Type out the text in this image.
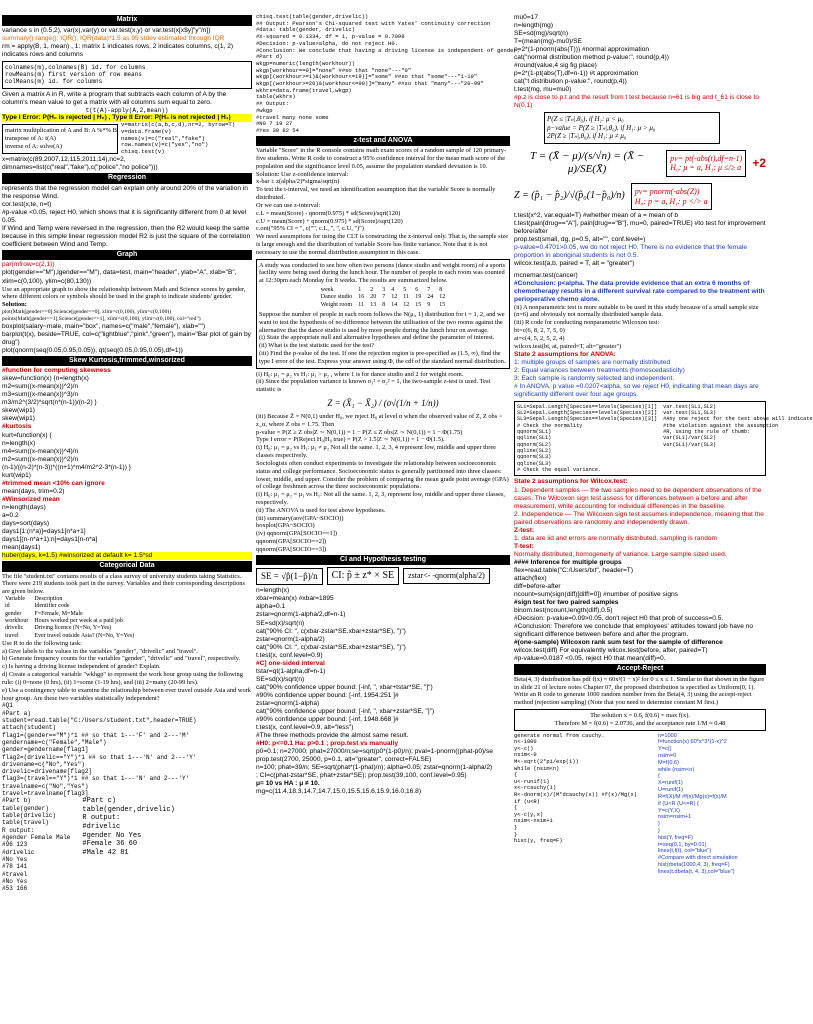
Matrix
variance s in (0.5,2), var(x),var(y) or var.test(x,y) or var.test(x[x$y]"y"/n])
summary() range(); IQR(); IQR(data)*1.5 as 95 stdev estimated through IQR
rm = apply(B, 1, mean) , 1: matrix 1 indicates rows, 2 indicates columns, c(1, 2) indicates rows and columns
colnames(m),colnames(B) id. for columns
rowMeans(m) first version of row means
colMeans(m) id. for columns
Given a matrix A in R, write a program that subtracts each column of A by the column's mean value to get a matrix with all columns sum equal to zero.
t(t(A)-apply(A,2,mean))
Type I Error: P(H₀ is rejected | H₀) , Type II Error: P(H₀ is not rejected | H₁)
matrix multiplication of A and B: A %*% B
transpose of A: t(A)
inverse of A: solve(A)
v=matrix(c(a,b,c,d),nr=2, byrow=T)
v=data.frame(v)
names(v)=c("real","fake")
row.names(v)=c("yes","no")
chisq.test(v)
x=matrix(c(89,2007,12,115,2011,14),nc=2,
dimnames=list(c("real","fake"),c("police","no police")))
Regression
represents that the regression model can explain only around 20% of the variation in the response Wind.
cor.test(x,te, n=t)
#p-value <0.05, reject H0, which shows that it is significantly different from 0 at level 0.05.
If Wind and Temp were reversed in the regression, then the R2 would keep the same because in this simple linear regression model R2 is just the square of the correlation coefficient between Wind and Temp.
Graph
par(mfrow=c(2,1))
plot(gender=="M"),lgender=="M"), data=test, main="header", ylab="A", xlab="B", xlim=c(0,100), ylim=c(80,130))
Use an appropriate graph to show the relationship between Math and Science scores by gender, where different colors or symbols should be used in the graph to indicate students' gender.
Solution:
plot(Math[gender==0],Science[gender==0], xlim=c(0,100), ylim=c(0,100))
points(Math[gender==1],Science[gender==1], xlim=c(0,100), ylim=c(0,100), col="red")
boxplot(salary~male, main="box", names=c("male","female"), xlab="")
barplot(t(x), beside=TRUE, col=c("lightblue","pink","green"), main="Bar plot of gain by drug")
plot(qnorm(seq(0.05,0.95,0.05)), qt(seq(0.05,0.95,0.05),df=1))
Skew Kurtosis,trimmed,winsorized
#function for computing skewness
skew=function(x) {n=length(x)
m2=sum((x-mean(x))^2)/n
m3=sum((x-mean(x))^3)/n
m3/m2^(3/2)*sqrt(n*(n-1))/(n-2) }
skew(wip1)
skew(wip1)
#kurtosis
kurt=function(x) {
n=length(x)
m4=sum((x-mean(x))^4)/n
m2=sum((x-mean(x))^2)/n
(n-1)/((n-2)*(n-3))*((n+1)*m4/m2^2-3*(n-1)) }
kurt(wip1)
#trimmed mean <10% can ignore
mean(days, trim=0.2)
#Winsorized mean
n=length(days)
a=0.2
days=sort(days)
days1[1:(n*a)]=days1[n*a+1]
days1[(n-n*a+1):n]=days1[n-n*a]
mean(days1)
huber(days, k=1.5) #winsorized at default k= 1.5*sd
Categorical Data
The file "student.txt" contains results of a class survey of university students taking Statistics. There were 219 students took part in the survey. Variables and their corresponding descriptions are given below.
Variable	Description
id	Identifier code
gender	F=Female, M=Male
workhour	Hours worked per week at a paid job
drivelic	Driving licence (N=No, Y=Yes)
travel	Ever travel outside Asia? (N=No, Y=Yes)
Use R to do the following task:
a) Give labels to the values in the variables "gender", "drivelic" and "travel".
b) Generate frequency counts for the variables "gender", "drivelic" and "travel", respectively.
c) Is having a driving license independent of gender? Explain.
d) Create a categorical variable "wkhgp" to represent the work hour group using the following rule: (i) 0=none (0 hrs), (ii) 1=some (1-19 hrs), and (iii) 2=many (20-99 hrs).
e) Use a contingency table to examine the relationship between ever travel outside Asia and work hour group. Are these two variables statistically independent?
#Q1
#Part a)
student=read.table("C:/Users/student.txt",header=TRUE)
attach(student)
flag1=(gender=="M")*1 ## so that 1---'F' and 2---'M'
gendername=c("Female","Male")
gender=gendername[flag1]
flag2=(drivelic=="Y")*1 ## so that 1---'N' and 2---'Y'
drivename=c("No","Yes")
drivelic=drivename[flag2]
flag3=(travel=="Y")*1 ## so that 1---'N' and 2---'Y'
travelname=c("No","Yes")
travel=travelname[flag3]
#Part b)
table(gender)
table(drivelic)
table(travel)
R output:
#gender Female Male
#96 123
#drivelic
#No Yes
#78 141
#travel
#No Yes
#53 166
#Part c)
table(gender,drivelic)
R output:
#drivelic
#gender No Yes
#Female 36 60
#Male 42 81
chisq.test(table(gender,drivelic))
## Output: Pearson's Chi-squared test with Yates' continuity correction
#data: table(gender, drivelic)
#X-squared = 0.1334, df = 1, p-value = 0.7099
#Decision: p-value>alpha, do not reject H0.
#Conclusion: We conclude that having a driving license is independent of gender.
#Part d)
wkgp=numeric(length(workhour))
wkgp[workhour==0]="none" ##so that "none"---"0"
wkgp[(workhour>=1)&(workhour<=19)]="some" ##so that "some"---"1-19"
wkgp[(workhour>=20)&(workhour<=99)]="many" ##so that "many"---"20-99"
wkhrs=data.frame(travel,wkgp)
table(wkhrs)
## Output:
#wkgp
#travel many none some
#N0 7 19 27
#Yes 30 82 54
z-test and ANOVA
Variable "Score" in the R console contains math exam scores of a random sample of 120 primary-five students. Write R code to construct a 95% confidence interval for the mean math score of the population and the significance level 0.05, assume the population standard deviation is 10.
Solution: Use z-confidence interval:
x-bar ± z(alpha/2)*sigma/sqrt(n)
To test the t-interval, we need an identification assumption that the variable Score is normally distributed.
Or we can use z-interval:
c.L = mean(Score) - qnorm(0.975) * sd(Score)/sqrt(120)
c.U = mean(Score) + qnorm(0.975) * sd(Score)/sqrt(120)
c.ont("95% CI = ", c("", c.L, ", ", c.U, ")")
We need assumptions for using the CLT is constructing the z-interval only. That is, the sample size is large enough and the distribution of variable Score has finite variance. Note that it is not necessary to use the normal distribution assumption in this case.
A study was conducted to see how often two persons (dance studio and weight room) of a sports facility were being used during the lunch hour. The number of people in each room was counted at 12:30pm each Monday for 8 weeks. The results are summarized below.
week	1	2	3	4	5	6	7	8
Dance studio	16	20	7	12	11	19	24	12
Weight room	11	13	8	14	12	15	9	15
Suppose the number of people in each room follows the N(μᵢ, 1) distribution for i = 1, 2, and we want to test the hypothesis of no difference between the utilisation of the two rooms against the alternative that the dance studio is used by more people during the lunch hour on average.
(i) State the appropriate null and alternative hypotheses and define the parameter of interest.
(ii) What is the test statistic used for the test?
(iii) Find the p-value of the test. If one the rejection region is pre-specified as (1.5, ∞), find the type I error of the test. Express your answer using Φ, the cdf of the standard normal distribution.
(i) H₀: μ₁ = μ₂ vs H₁: μ₁ > μ₂ , where 1 is for dance studio and 2 for weight room.
(ii) Since the population variance is known σ₁² = σ₂² = 1, the two-sample z-test is used. Test statistic is
Z = (X̄₁ − X̄₂) / (σ√(1/n + 1/n))
(iii) Because Z̄ = N(0,1) under H₀, we reject H₀ at level α when the observed value of Z, Z obs > z_α, where Z obs = 1.75. Then
p-value = P(Z ≥ Z obs|Z ∼ N(0,1)) = 1 − P(Z ≤ Z obs|Z ∼ N(0,1)) = 1 − Φ(1.75)
Type I error = P(Reject H₀|H₀ true) = P(Z > 1.5|Z ∼ N(0,1)) = 1 − Φ(1.5).
(i) H₀: μ₁ = μ₂ vs H₁: μ₁ ≠ μ₂ Not all the same. 1, 2, 3, 4 represent low, middle and upper three classes respectively.
Sociologists often conduct experiments to investigate the relationship between socioeconomic status and college performance. Socioeconomic status is generally partitioned into three classes: lower, middle, and upper. Consider the problem of comparing the mean grade point average (GPA) of college freshmen across the three socioeconomic populations.
(i) H₀: μ₁ = μ₂ = μ₃ vs H₁: Not all the same. 1, 2, 3, represent low, middle and upper three classes, respectively.
(ii) The ANOVA is used for test above hypotheses.
(iii) summary(aov(GPA~SOCIO))
boxplot(GPA~SOCIO)
(iv) qqnorm(GPA[SOCIO==1])
qqnorm(GPA[SOCIO==2])
qqnorm(GPA[SOCIO==3])
CI and Hypothesis testing
SE = √p̂(1−p̂)/n	CI: p̂ ± z* × SE	zstar<- -qnorm(alpha/2)
n=length(x)
xbar=mean(x) #xbar=1895
alpha=0.1
zstar=qnorm(1-alpha/2,df=n-1)
SE=sd(x)/sqrt(n)
cat("90% CI: ", c(xbar-zstar*SE,xbar+zstar*SE), ")")
zstar=qnorm(1-alpha/2)
cat("90% CI: ", c(xbar-zstar*SE,xbar+zstar*SE), ")")
t.test(x, conf.level=0.9)
#C] one-sided interval
tstar=qt(1-alpha,df=n-1)
SE=sd(x)/sqrt(n)
cat("90% confidence upper bound: [-inf, ", xbar+tstar*SE, "]")
#90% confidence upper bound: [-inf, 1954.251 ]#
zstar=qnorm(1-alpha)
cat("90% confidence upper bound: [-inf, ", xbar+zstar*SE, "]")
#90% confidence upper bound: [-inf, 1948.668 ]#
t.test(x, conf.level=0.9, alt="less")
#The three methods provide the almost same result.
#H0: p<=0.1 Ha: p>0.1 ; prop.test vs manually
p0=0.1; n=27000; phat=27000/n;se=sqrt(p0*(1-p0)/n); pval=1-pnorm((phat-p0)/se
prop.test(2700, 25000, p=0.1, alt="greater", correct=FALSE)
n=100; phat=39/n; SE=sqrt(phat*(1-phat)/n); alpha=0.05; zstar=qnorm(1-alpha/2)
; CI=c(phat-zstar*SE, phat+zstar*SE); prop.test(39,100, conf.level=0.95)
μ= 10 vs HA : μ ≠ 10.
mg=c(11.4,18.3,14.7,14.7,15.0,15.5,15.6,15.9,16.0,16.8)
mu0=17
n=length(mg)
SE=sd(mg)/sqrt(n)
T=(mean(mg)-mu0)/SE
p=2*(1-pnorm(abs(T))) #normal approximation
cat("normal distribution method p-value:", round(p,4))
#round(value,4 sig fig place)
p=2*(1-pt(abs(T),df=n-1)) #t approximation
cat("t distribution p-value:", round(p,4))
t.test(mg, mu=mu0)
#p.z is close to p.t and the result from t test because n=61 is big and t_61 is close to N(0,1)
P(Z ≤ |Tₙ|,θ₀), if H₁: μ < μ₀
p−value = P(Z ≥ |Tₙ|,θ₀), if H₁: μ > μ₀
2P(Z ≥ |Tₙ|,θ₀), if H₁: μ ≠ μ₀
T = (X̄ − μ)/(s/√n) = (X̄ − μ)/SE(X̄)
pv= pt(-abs(t),df=n-1)
H₀: μ = a, H₁: μ ≤/≥ a +2
Z = (p̂₁ − p̂₂)/√(p̂₀(1−p̂₀)/n) pv= pnorm(-abs(Z))
H₀: p = a, H₁: p </> a
t.test(x^2, var.equal=T) #whether mean of a = mean of b
t.test(pain[drug=="A"], pain[drug=="B"], mu=0, paired=TRUE) #to test for improvement before/after
prop.test(small, dg, p=0.5, alt="", conf.level=)
p-value=0.4701>0.05, we do not reject H0. There is no evidence that the female proportion in aboriginal students is not 0.5.
wilcox.test(a,b, paired = T, alt = "greater")
mcnemar.test(cancer)
#Conclusion: p<alpha. The data provide evidence that an extra 6 months of chemotherapy results in a different survival rate compared to the treatment with perioperative chemo alone.
(ii) A nonparametric test is more suitable to be used in this study because of a small sample size (n=6) and obviously not normally distributed sample data.
(iii) R code for conducting nonparametric Wilcoxon test:
bt=c(6, 8, 2, 7, 5, 0)
at=c(4, 5, 2, 5, 2, 4)
wilcox.test(bt, at, paired=T, alt="greater")
State 2 assumptions for ANOVA:
1: multiple groups of samples are normally distributed
2: Equal variances between treatments (homoscedasticity)
3: Each sample is randomly selected and independent.
# In ANOVA, p value =0.0207<alpha, so we reject H0, indicating that mean days are significantly different over four age groups.
SL1=Sepal.Length[Species==levels(Species)[1]]
SL2=Sepal.Length[Species==levels(Species)[2]]
SL3=Sepal.Length[Species==levels(Species)[3]]
# Check the normality
qqnorm(SL1)
qqline(SL1)
qqnorm(SL2)
qqline(SL2)
qqnorm(SL3)
qqline(SL3)
# Check the equal variance.
var.test(SL1,SL2)
var.test(SL1,SL3)
#Any one reject for the test above will indicate
#the violation against the assumption
#R, using the rule of thumb:
var(SL1)/var(SL2)
var(SL1)/var(SL3)
State 2 assumptions for Wilcox.test:
1. Dependent samples — the two samples need to be dependent observations of the cases. The Wilcoxon sign test assess for differences between a before and after measurement, while accounting for individual differences in the baseline.
2. Independence — The Wilcoxon sign test assumes independence, meaning that the paired observations are randomly and independently drawn.
Z-test:
1. data are iid and errors are normally distributed, sampling is random
T-test:
Normally distributed, homogeneity of variance. Large sample sized used.
#### Inference for multiple groups
flex=read.table("C:/Users/txt", header=T)
attach(flex)
diff=before-after
ncount=sum(sign(diff)[diff!=0]) #number of positive signs
#sign test for two paired samples
binom.test(ncount,length(diff),0.5)
#Decision: p-value=0.09>0.05, don't reject H0 that prob of success=0.5.
#Conclusion: Therefore we conclude that employees' attitudes toward job have no significant difference between before and after the program.
#(one-sample) Wilcoxon rank sum test for the sample of difference
wilcox.test(diff) For equivalently wilcox.test(before, after, paired=T)
#p-value=0.0187 <0.05, reject H0 that mean(diff)=0.
Accept-Reject
Beta(4, 3) distribution has pdf f(x) = 60x³(1 − x)² for 0 ≤ x ≤ 1. Similar to that shown in the figure in slide 21 of lecture notes Chapter 07, the proposed distribution is specified as Uniform(0, 1). Write an R code to generate 1000 random number from the Beta(4, 3) using the accept-reject method (rejection sampling) (Note that you need to determine constant M first.)
The solution x = 0.6, f(0.6) = max f(x).
Therefore M = f(0.6) = 2.0736, and the acceptance rate 1/M ≈ 0.48
generate normal from cauchy.
n<-1000
y<-c()
nsim<-0
M<-sqrt(2*pi/exp(1))
while (nsim<n)
{
u<-runif(1)
x<-rcauchy(1)
R<-dnorm(x)/(M*dcauchy(x)) #f(x)/Mg(x)
if (u<R)
{
y<-c(y,x)
nsim<-nsim+1
}
}
hist(y, freq=F)
n=1000
f=function(x) 60*x^3*(1-x)^2
Y=c()
nsim=0
M=f(0.6)
while (nsim<n)
{
X=runif(1)
U=runif(1)
R=f(X)/M #f(x)/Mg(x)=f(x)/M
if (U<R (U<=R) {
Y=c(Y,X)
nsim=nsim+1
}
}
hist(Y, freq=F)
t=seq(0,1, by=0.01)
lines(t,f(t), col="blue")
#Compare with direct simulation
hist(rbeta(1000,4, 3), freq=F)
lines(t,dbeta(t, 4, 3),col="blue")
